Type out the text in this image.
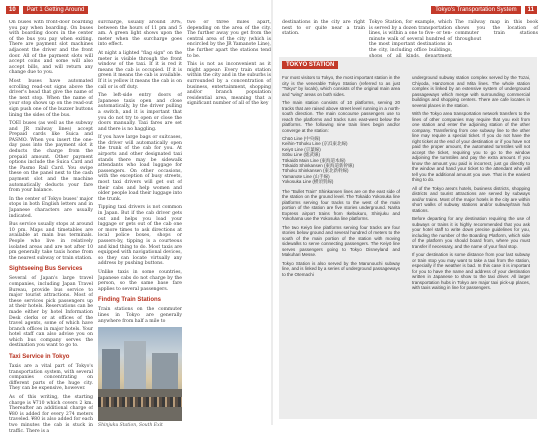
10	Part 1 Getting Around

On buses with front-door boarding you pay when boarding. On buses with boarding doors in the center of the bus you pay when exiting. There are payment slot machines adjacent the driver and the front door. All of the payment slots will accept coins and some will also accept bills, and will return any change due to you.

Most buses have automated scrolling read-out signs above the driver's head that give the name of the next stop. When the name of your stop shows up on the read-out sign push one of the buzzer buttons lining the sides of the bus.

TOEI buses (as well as the subway and JR railway lines) accept Prepaid cards like Suica and PASMO. When you insert the one-day pass into the payment slot it deducts the charge from the prepaid amount. Other payment options include the Suica Card and the Pasmo Rail Card. You swipe these on the panel next to the cash payment slot and the machine automatically deducts your fare from your balance.

In the center of Tokyo buses' major stops in both English letters and in Japanese characters are usually indicated.

Bus service usually stops at around 10 pm. Maps and timetables are available at main bus terminals. People who live in relatively isolated areas and are not after 10 pm generally take taxis home from the nearest subway or train station.

Sightseeing Bus Services

Several of Japan's large travel companies, including Japan Travel Bureau, provide bus service to major tourist attractions. Most of these services pick passengers up at their hotels. Reservations can be made either by hotel Information Desk clerks or at offices of the travel agents, some of which have branch offices in major hotels. Your hotel staff can also advise you on which bus company serves the destination you want to go to.

Taxi Service in Tokyo

Taxis are a vital part of Tokyo's transportation system, with several companies concentrating on different parts of the huge city. They can be expensive, however.

As of this writing, the starting charge is ¥710 which covers 2 km. Thereafter an additional charge of ¥80 is added for every 274 meters traveled. ¥80 is also added for each two minutes the cab is stuck in traffic. There is a

surcharge, usually around 30%, between the hours of 11 pm and 5 am. A green light shows upon the meter when the surcharge goes into effect.

At night a lighted "flag sign" on the meter is visible through the front window of the taxi. If it is red it means the cab is occupied. If it is green it means the cab is available. If it is yellow it means the cab is on call or is off duty.

The left-side entry doors of Japanese taxis open and close automatically, by the driver pulling a switch, and it is important that you do not try to open or close the doors manually. Taxi fares are set and there is no haggling.

If you have large bags or suitcases, the driver will automatically open the trunk of the cab for you. At airports and other designated taxi stands there may be sidewalk attendants who load luggage for passengers. On other occasions, with the exception of busy streets, most taxi drivers will get out of their cabs and help women and older people load their luggage into the trunk.

Tipping taxi drivers is not common in Japan. But if the cab driver gets out and helps you load your luggage or gets out of the cab one or more times to ask directions at local police boxes, shops or passers-by, tipping is a courteous and kind thing to do. Most taxis are equipped with navigational devices, so they can locate virtually any address by pushing buttons.

Unlike taxis in some countries, Japanese cabs do not charge by the person, so the same base fare applies to several passengers.

Finding Train Stations

Train stations on the commuter lines in Tokyo are generally anywhere from half a mile to

Shinjuku Station, South Exit

two or three miles apart, depending on the area of the city. The further away you get from the central area of the city (which is encircled by the JR Yamanote Line), the further apart the stations tend to be.

This is not as inconvenient as it might appear: Every train station within the city and in the suburbs is surrounded by a concentration of business, entertainment, shopping and/or branch population residential area, meaning that a significant number of all of the key

Tokyo's Transportation System	11

destinations in the city are right next to or quite near a train station.

Tokyo Station, for example, which is served by a dozen transportation lines, is within a one to five- or ten-minute walk of several hundred of the most important destinations in the city, including office buildings,

The railway map in this book shows you the location of commuter train stations throughout

TOKYO STATION

For most visitors to Tokyo, the most important station in the city is the venerable Tokyo Station (referred to as just "Tokyo" by locals), which consists of the original main area and "wing" areas on both sides.

The main station consists of 10 platforms, serving 20 tracks that are raised above street level running in a north-south direction. The main concourse passengers use to reach the platforms and tracks runs east-west below the platforms. The following nine train lines begin and/or converge at the station:

Chūō Line (中央線)
Keihin-Tōhoku Line (京浜東北線)
Keiyō Line (京葉線)
Sōbu Line (総武線)
Tōkaidō Main Line (東海道本線)
Tōkaidō Shinkansen (東海道新幹線)
Tōhoku Shinkansen (東北新幹線)
Yamanote Line (山手線)
Yokosuka Line (横須賀線)

The "Bullet Train" Shinkansen lines are on the east side of the station on the ground level. The Tokaido Yokosuka line platforms serving four tracks to the west of the main portion of the station are five stories underground. Narita Express airport trains from Ikebukuro, Shinjuku and Yokohama use the Yokosuka line platforms.

The two Keiyō line platforms serving four tracks are four stories below ground and several hundred of meters to the south of the main portion of the station with moving sidewalks to serve connecting passengers. The Keiyō line serves passengers going to Tokyo Disneyland and Makuhari Messe.

Tokyo Station is also served by the Marunouchi subway line, and is linked by a series of underground passageways to the Otemachi

underground subway station complex served by the Tozai, Chiyoda, Hanzomon and Mita lines. The whole station complex is linked by an extensive system of underground passageways which merge with surrounding commercial buildings and shopping centers. There are cafe locates in several places in the station.

With the Tokyo area transportation network transfers to the lines of other companies may require that you exit from one station and enter the adjoining station of the other company. Transferring from one subway line to the other line may require a special ticket. If you do not have the right ticket at the end of your destination or if you have not paid the proper amount, the automated turnstiles will not accept the ticket, requiring you to go to the window adjoining the turnstiles and pay the extra amount. If you know the amount you paid is incorrect, just go directly to the window and hand your ticket to the attendant who will tell you the additional amount you owe. That is the easiest thing to do.

All of the Tokyo area's hotels, business districts, shopping districts and tourist attractions are served by subways and/or trains. Most of the major hotels in the city are within short walks of subway stations and/or subway/train hub stations.

Before departing for any destination requiring the use of subways or trains it is highly recommended that you ask your hotel staff to write down precise guidelines for you, including the number of the Boarding Platform, which side of the platform you should board from, where you must transfer if necessary, and the name of your final stop.

If your destination is some distance from your last subway or train stop you may want to take a taxi from the station, especially if the weather is bad. In this case it is important for you to have the name and address of your destination written in Japanese to show to the taxi driver. All larger transportation hubs in Tokyo are major taxi pick-up places, with taxis waiting in line for passengers.
